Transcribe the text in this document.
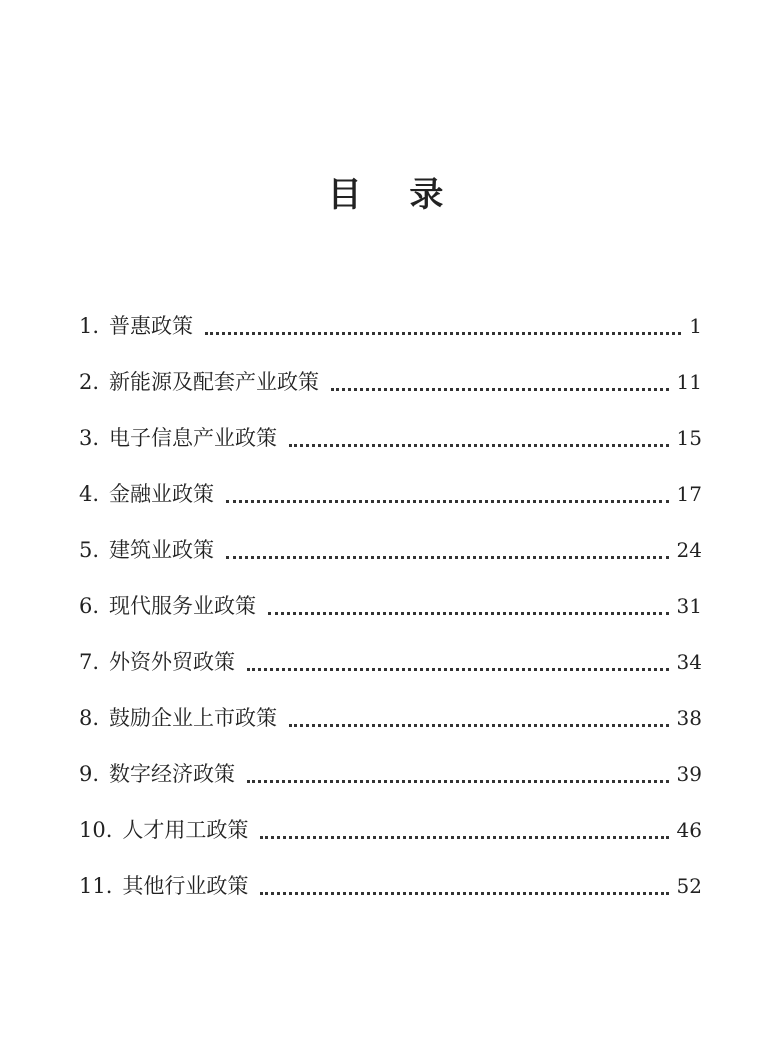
目 录
1. 普惠政策	1
2. 新能源及配套产业政策	11
3. 电子信息产业政策	15
4. 金融业政策	17
5. 建筑业政策	24
6. 现代服务业政策	31
7. 外资外贸政策	34
8. 鼓励企业上市政策	38
9. 数字经济政策	39
10. 人才用工政策	46
11. 其他行业政策	52
